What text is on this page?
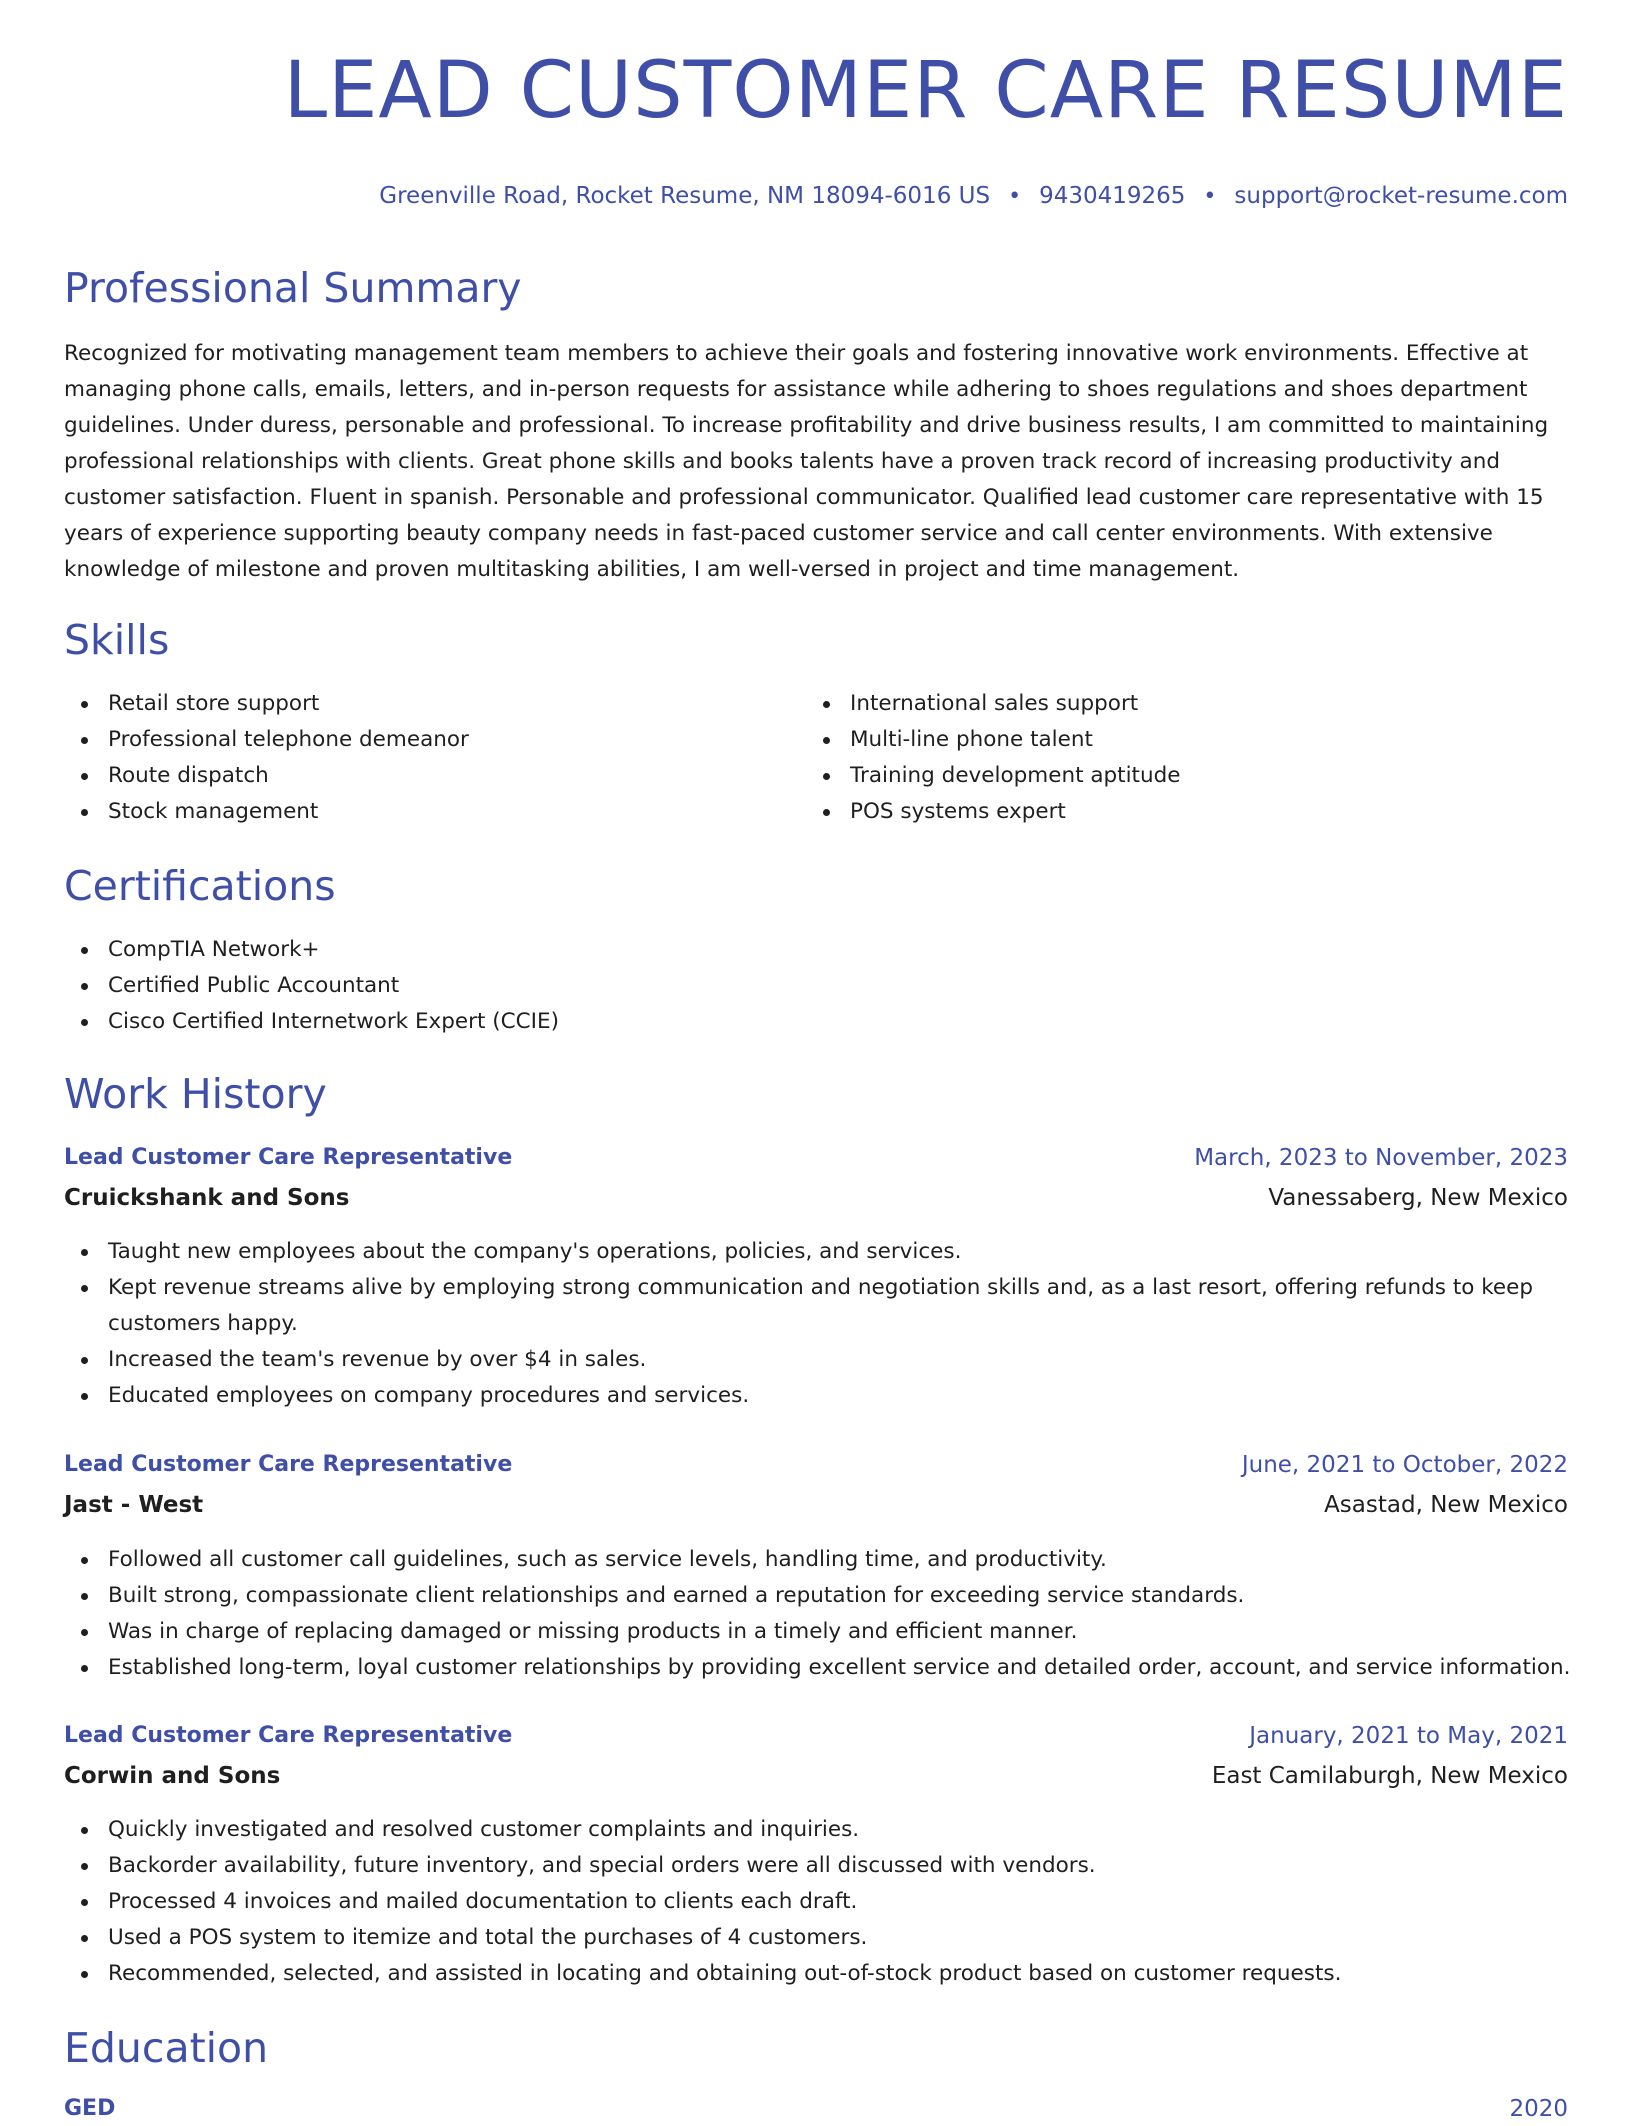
LEAD CUSTOMER CARE RESUME
Greenville Road, Rocket Resume, NM 18094-6016 US • 9430419265 • support@rocket-resume.com
Professional Summary

Recognized for motivating management team members to achieve their goals and fostering innovative work environments. Effective at managing phone calls, emails, letters, and in-person requests for assistance while adhering to shoes regulations and shoes department guidelines. Under duress, personable and professional. To increase profitability and drive business results, I am committed to maintaining professional relationships with clients. Great phone skills and books talents have a proven track record of increasing productivity and customer satisfaction. Fluent in spanish. Personable and professional communicator. Qualified lead customer care representative with 15 years of experience supporting beauty company needs in fast-paced customer service and call center environments. With extensive knowledge of milestone and proven multitasking abilities, I am well-versed in project and time management.

Skills
Retail store support
Professional telephone demeanor
Route dispatch
Stock management
International sales support
Multi-line phone talent
Training development aptitude
POS systems expert
Certifications
CompTIA Network+
Certified Public Accountant
Cisco Certified Internetwork Expert (CCIE)
Work History
Lead Customer Care Representative	March, 2023 to November, 2023
Cruickshank and Sons	Vanessaberg, New Mexico
Taught new employees about the company's operations, policies, and services.
Kept revenue streams alive by employing strong communication and negotiation skills and, as a last resort, offering refunds to keep customers happy.
Increased the team's revenue by over $4 in sales.
Educated employees on company procedures and services.
Lead Customer Care Representative	June, 2021 to October, 2022
Jast - West	Asastad, New Mexico
Followed all customer call guidelines, such as service levels, handling time, and productivity.
Built strong, compassionate client relationships and earned a reputation for exceeding service standards.
Was in charge of replacing damaged or missing products in a timely and efficient manner.
Established long-term, loyal customer relationships by providing excellent service and detailed order, account, and service information.
Lead Customer Care Representative	January, 2021 to May, 2021
Corwin and Sons	East Camilaburgh, New Mexico
Quickly investigated and resolved customer complaints and inquiries.
Backorder availability, future inventory, and special orders were all discussed with vendors.
Processed 4 invoices and mailed documentation to clients each draft.
Used a POS system to itemize and total the purchases of 4 customers.
Recommended, selected, and assisted in locating and obtaining out-of-stock product based on customer requests.
Education
GED	2020
